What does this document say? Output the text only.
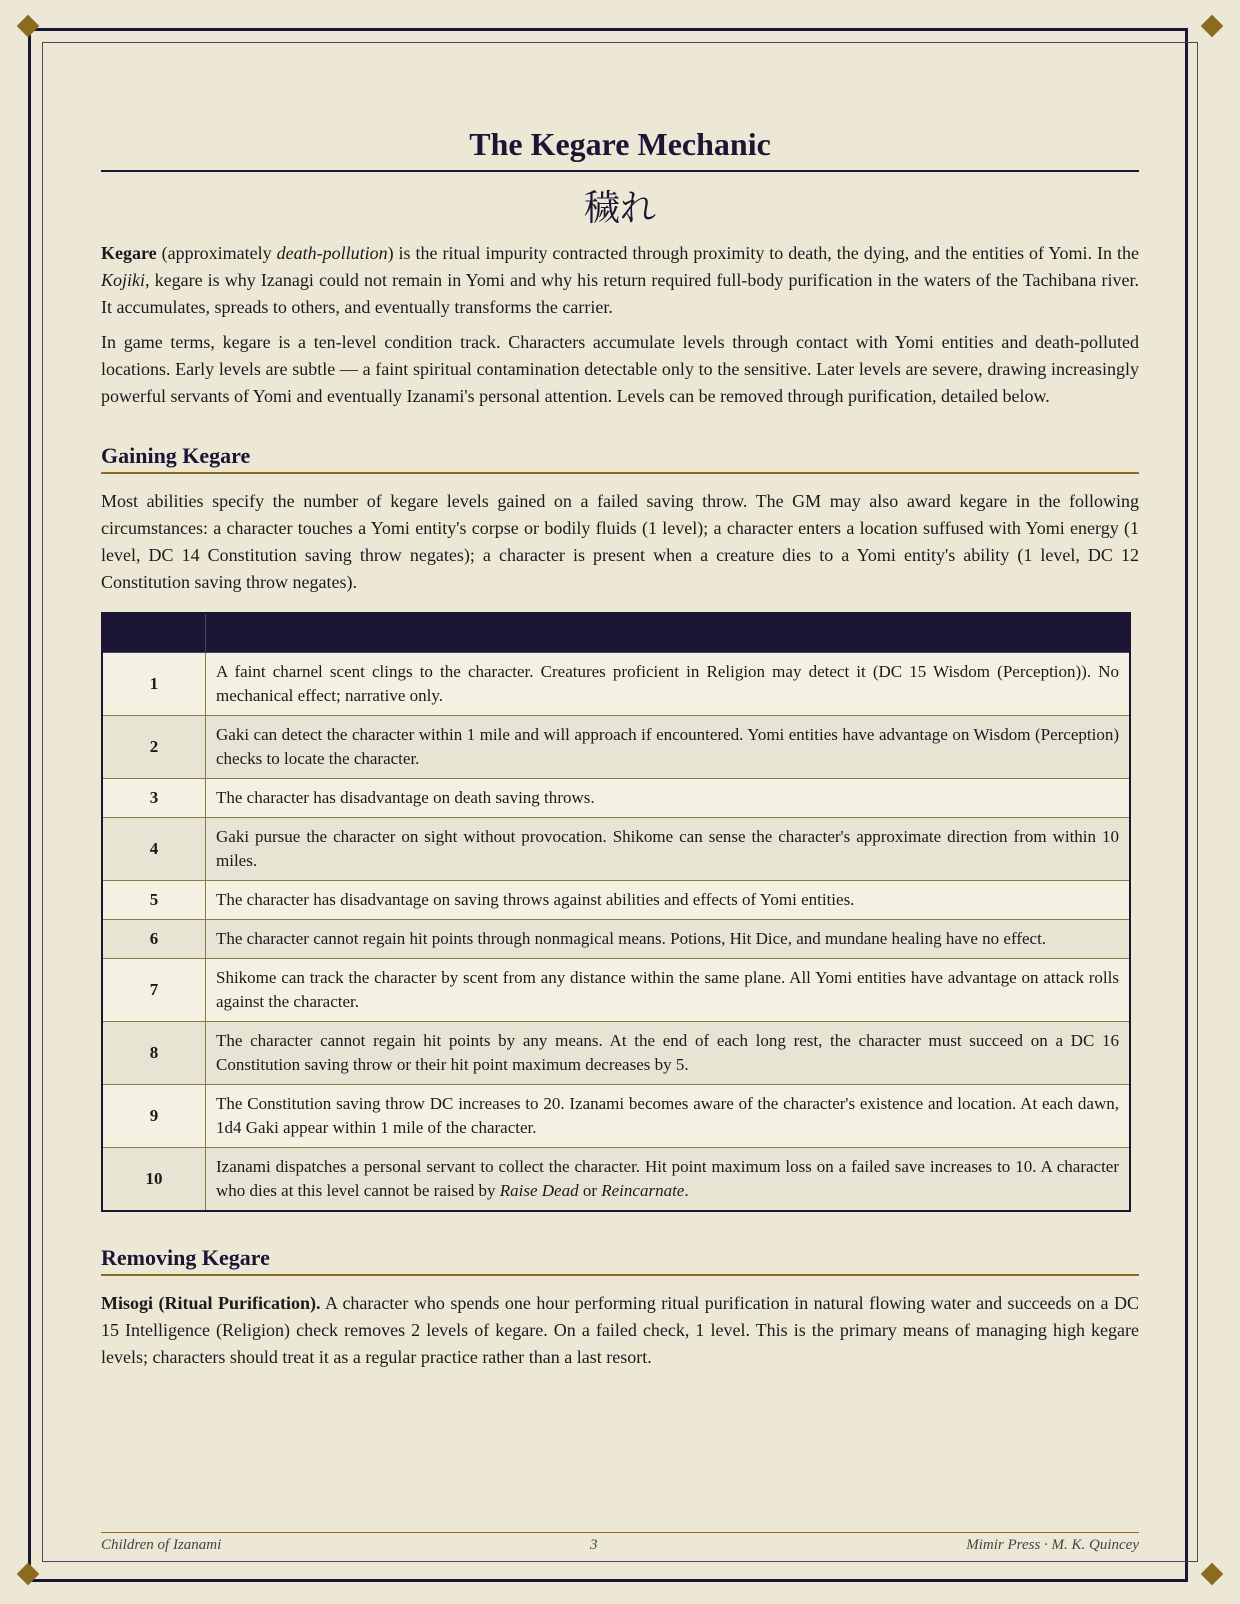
The Kegare Mechanic
穢れ

Kegare (approximately death-pollution) is the ritual impurity contracted through proximity to death, the dying, and the entities of Yomi. In the Kojiki, kegare is why Izanagi could not remain in Yomi and why his return required full-body purification in the waters of the Tachibana river. It accumulates, spreads to others, and eventually transforms the carrier.

In game terms, kegare is a ten-level condition track. Characters accumulate levels through contact with Yomi entities and death-polluted locations. Early levels are subtle — a faint spiritual contamination detectable only to the sensitive. Later levels are severe, drawing increasingly powerful servants of Yomi and eventually Izanami's personal attention. Levels can be removed through purification, detailed below.

Gaining Kegare

Most abilities specify the number of kegare levels gained on a failed saving throw. The GM may also award kegare in the following circumstances: a character touches a Yomi entity's corpse or bodily fluids (1 level); a character enters a location suffused with Yomi energy (1 level, DC 14 Constitution saving throw negates); a character is present when a creature dies to a Yomi entity's ability (1 level, DC 12 Constitution saving throw negates).

Level	Effect
1	A faint charnel scent clings to the character. Creatures proficient in Religion may detect it (DC 15 Wisdom (Perception)). No mechanical effect; narrative only.
2	Gaki can detect the character within 1 mile and will approach if encountered. Yomi entities have advantage on Wisdom (Perception) checks to locate the character.
3	The character has disadvantage on death saving throws.
4	Gaki pursue the character on sight without provocation. Shikome can sense the character's approximate direction from within 10 miles.
5	The character has disadvantage on saving throws against abilities and effects of Yomi entities.
6	The character cannot regain hit points through nonmagical means. Potions, Hit Dice, and mundane healing have no effect.
7	Shikome can track the character by scent from any distance within the same plane. All Yomi entities have advantage on attack rolls against the character.
8	The character cannot regain hit points by any means. At the end of each long rest, the character must succeed on a DC 16 Constitution saving throw or their hit point maximum decreases by 5.
9	The Constitution saving throw DC increases to 20. Izanami becomes aware of the character's existence and location. At each dawn, 1d4 Gaki appear within 1 mile of the character.
10	Izanami dispatches a personal servant to collect the character. Hit point maximum loss on a failed save increases to 10. A character who dies at this level cannot be raised by Raise Dead or Reincarnate.
Removing Kegare

Misogi (Ritual Purification). A character who spends one hour performing ritual purification in natural flowing water and succeeds on a DC 15 Intelligence (Religion) check removes 2 levels of kegare. On a failed check, 1 level. This is the primary means of managing high kegare levels; characters should treat it as a regular practice rather than a last resort.

Children of Izanami	3	Mimir Press · M. K. Quincey
